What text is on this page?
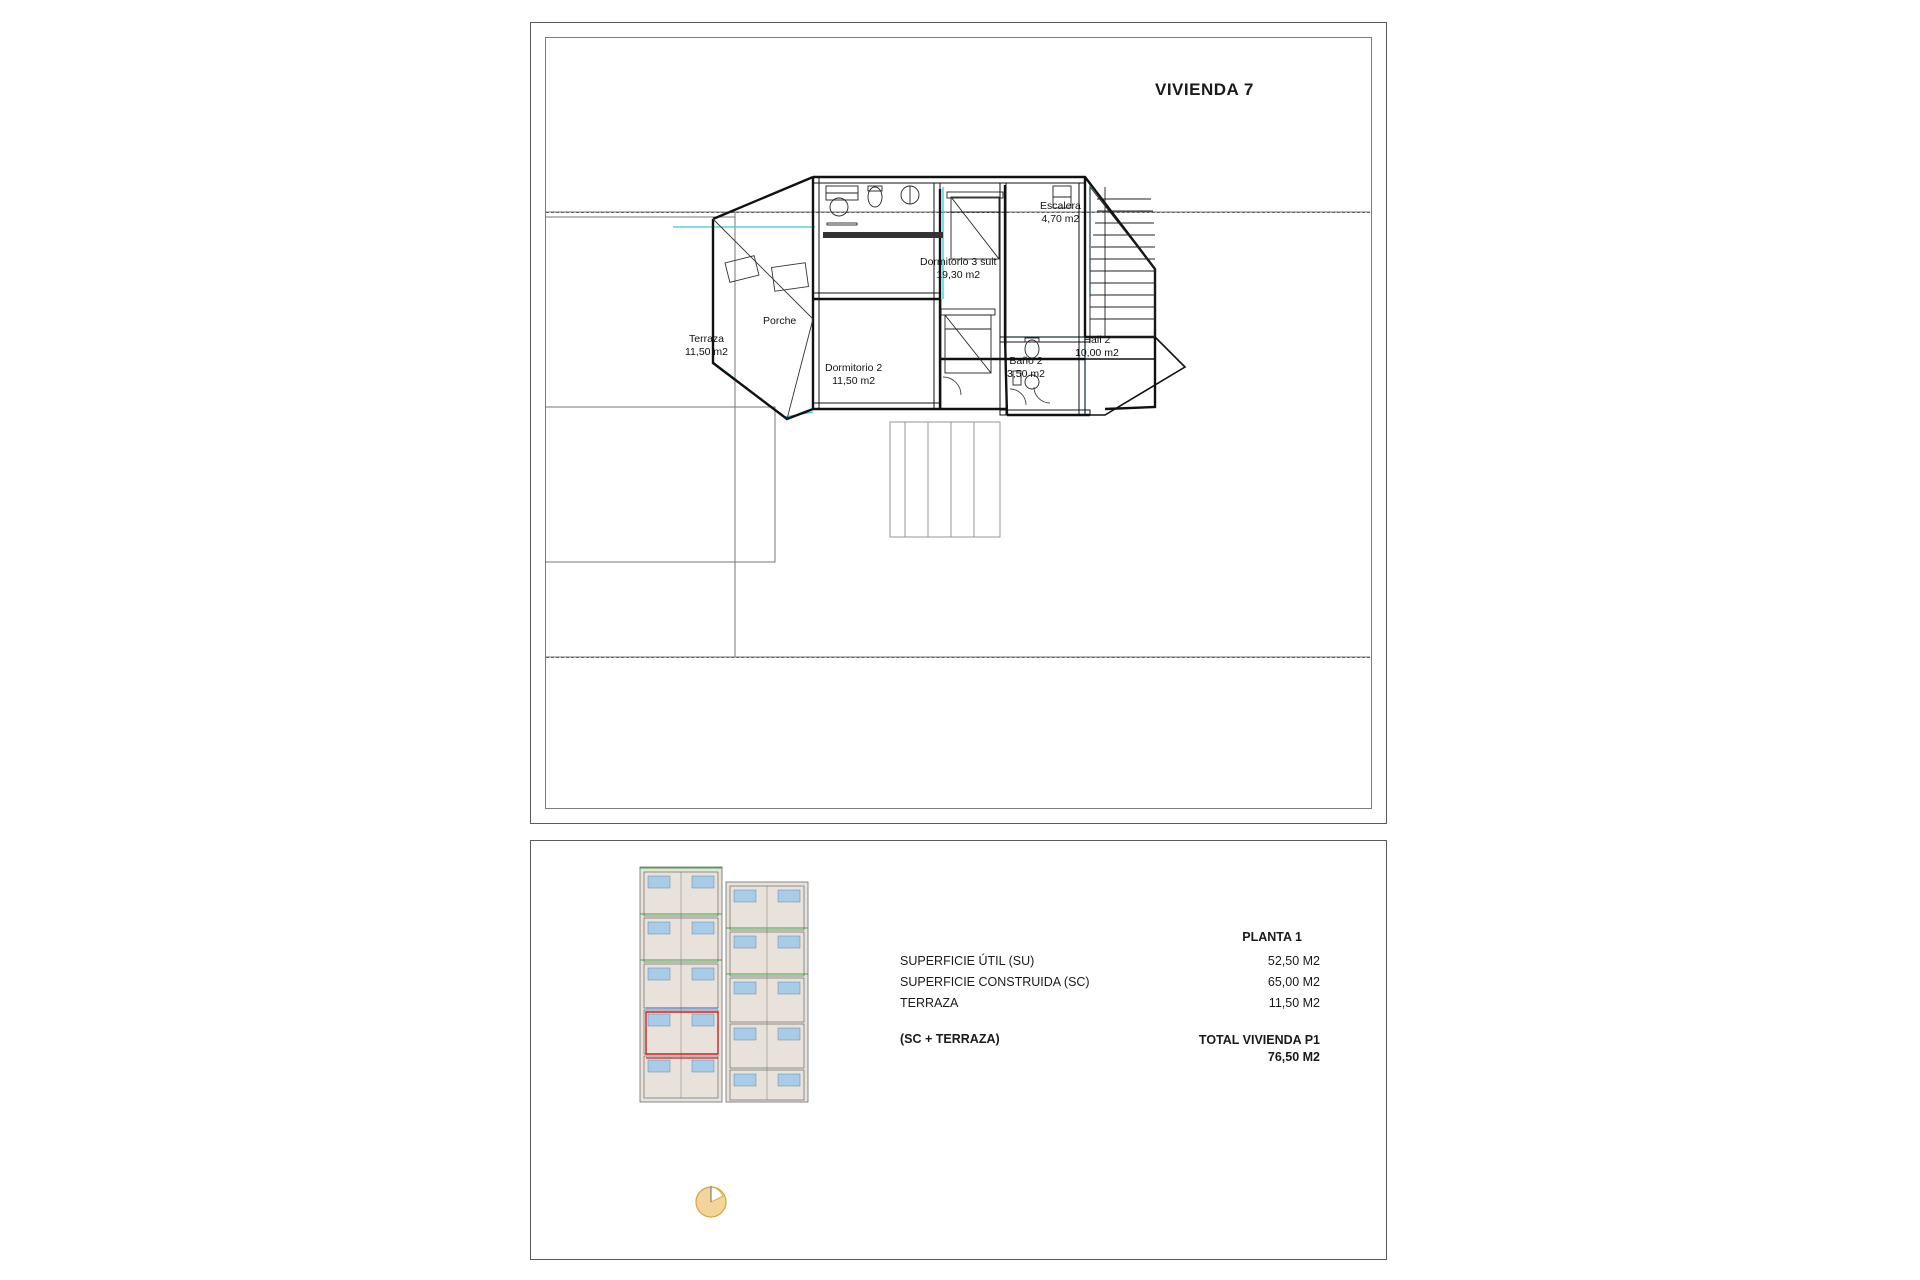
VIVIENDA 7
Escalera
4,70 m2
Dormitorio 3 suit
19,30 m2
Porche
Terraza
11,50 m2
Dormitorio 2
11,50 m2
Baño 2
3,50 m2
Hall 2
10,00 m2
PLANTA 1
SUPERFICIE ÚTIL (SU)	52,50 M2
SUPERFICIE CONSTRUIDA (SC)	65,00 M2
TERRAZA	11,50 M2
(SC + TERRAZA)	TOTAL VIVIENDA P1
76,50 M2
